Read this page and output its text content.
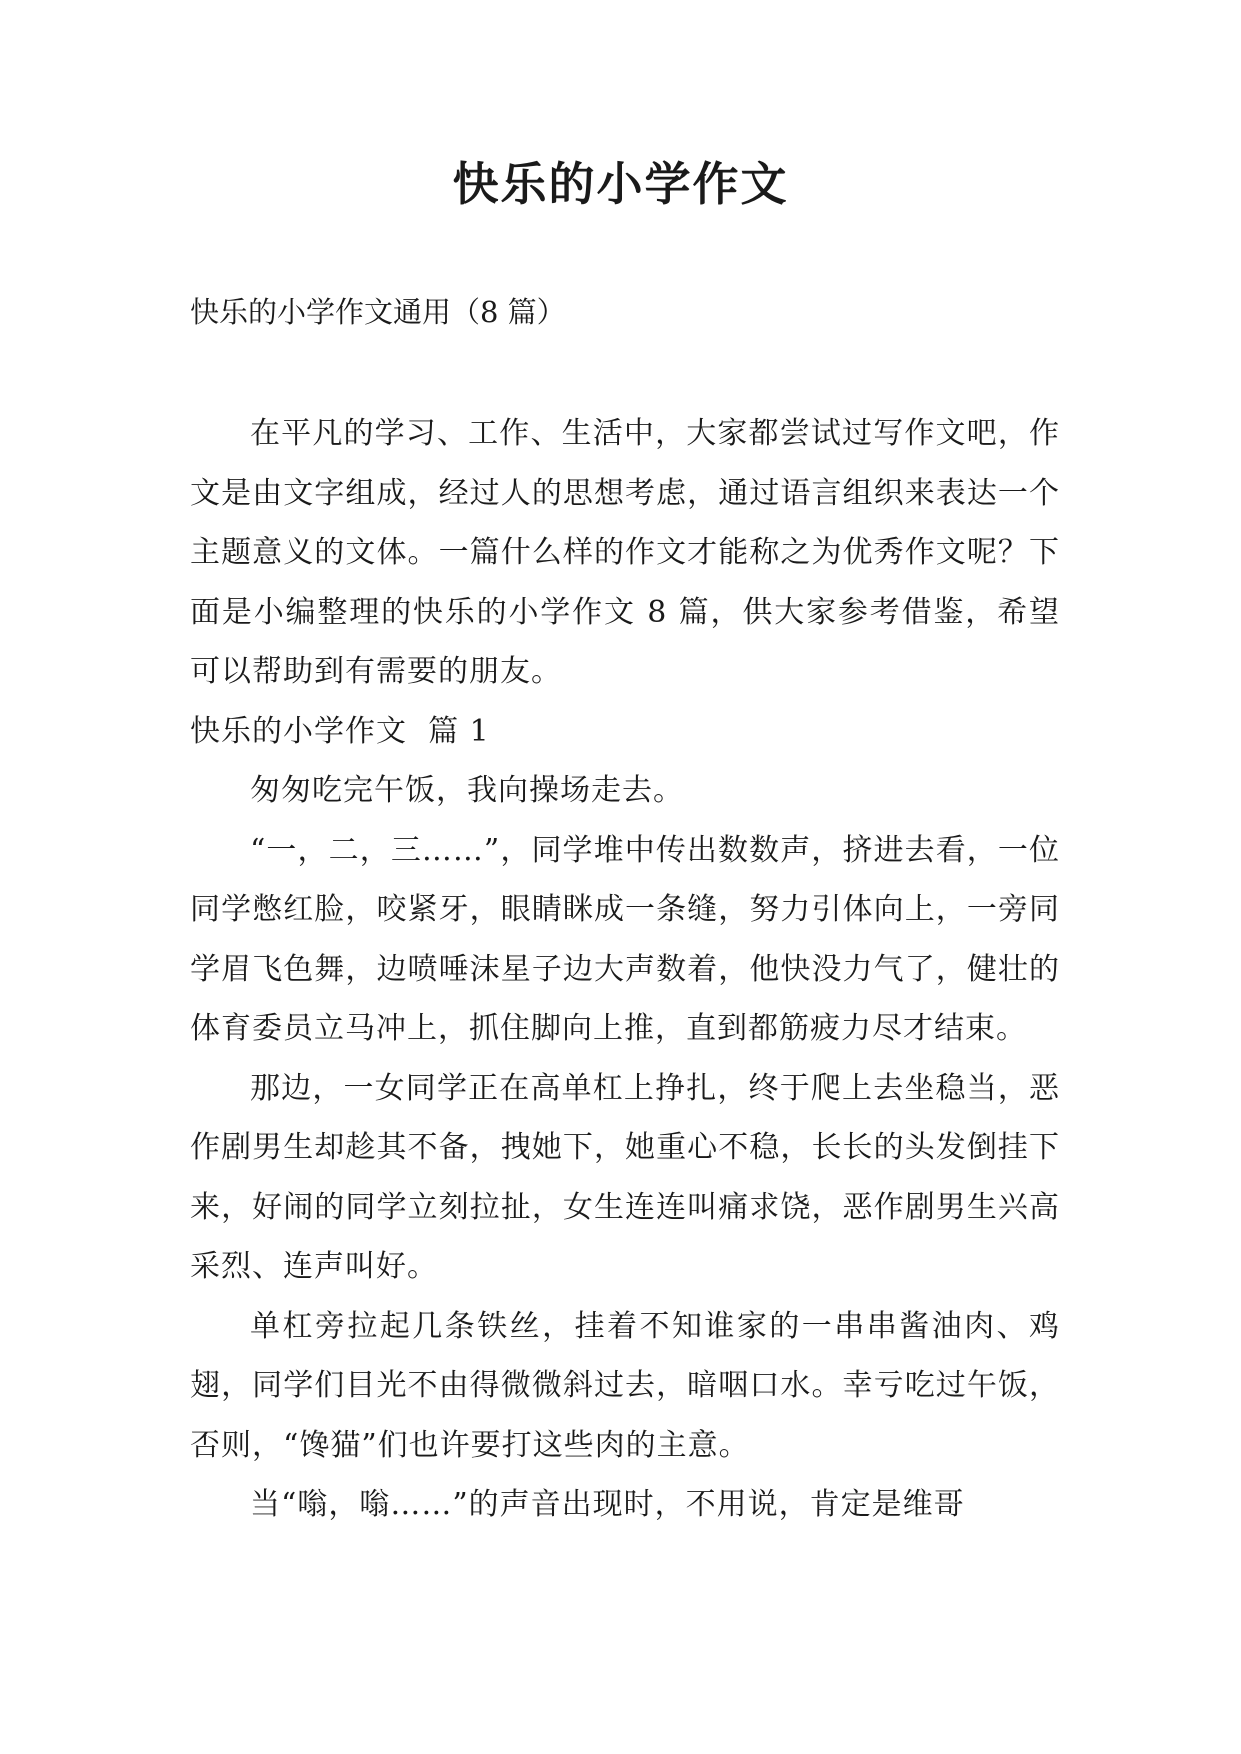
快乐的小学作文

快乐的小学作文通用（8 篇）

在平凡的学习、工作、生活中，大家都尝试过写作文吧，作文是由文字组成，经过人的思想考虑，通过语言组织来表达一个主题意义的文体。一篇什么样的作文才能称之为优秀作文呢？下面是小编整理的快乐的小学作文 8 篇，供大家参考借鉴，希望可以帮助到有需要的朋友。

快乐的小学作文  篇 1

匆匆吃完午饭，我向操场走去。

“一，二，三……”，同学堆中传出数数声，挤进去看，一位同学憋红脸，咬紧牙，眼睛眯成一条缝，努力引体向上，一旁同学眉飞色舞，边喷唾沫星子边大声数着，他快没力气了，健壮的体育委员立马冲上，抓住脚向上推，直到都筋疲力尽才结束。

那边，一女同学正在高单杠上挣扎，终于爬上去坐稳当，恶作剧男生却趁其不备，拽她下，她重心不稳，长长的头发倒挂下来，好闹的同学立刻拉扯，女生连连叫痛求饶，恶作剧男生兴高采烈、连声叫好。

单杠旁拉起几条铁丝，挂着不知谁家的一串串酱油肉、鸡翅，同学们目光不由得微微斜过去，暗咽口水。幸亏吃过午饭，否则，“馋猫”们也许要打这些肉的主意。

当“嗡，嗡……”的声音出现时，不用说，肯定是维哥
